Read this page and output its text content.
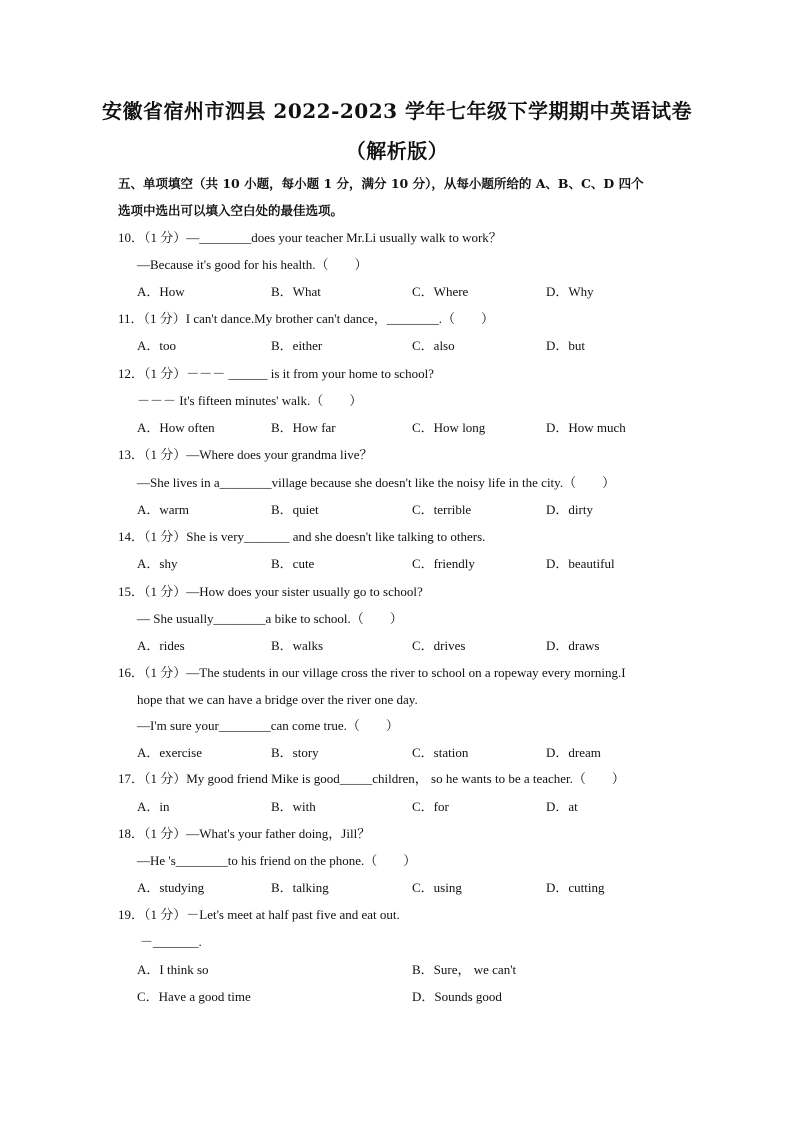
安徽省宿州市泗县 2022-2023 学年七年级下学期期中英语试卷
（解析版）
五、单项填空（共 10 小题，每小题 1 分，满分 10 分），从每小题所给的 A、B、C、D 四个
选项中选出可以填入空白处的最佳选项。
10．（1 分）—________does your teacher Mr.Li usually walk to work？
—Because it's good for his health.（　　）
A．How	B．What	C．Where	D．Why
11．（1 分）I can't dance.My brother can't dance，________.（　　）
A．too	B．either	C．also	D．but
12．（1 分）－－－ ______ is it from your home to school?
－－－ It's fifteen minutes' walk.（　　）
A．How often	B．How far	C．How long	D．How much
13．（1 分）—Where does your grandma live？
—She lives in a________village because she doesn't like the noisy life in the city.（　　）
A．warm	B．quiet	C．terrible	D．dirty
14．（1 分）She is very_______ and she doesn't like talking to others.
A．shy	B．cute	C．friendly	D．beautiful
15．（1 分）—How does your sister usually go to school?
— She usually________a bike to school.（　　）
A．rides	B．walks	C．drives	D．draws
16．（1 分）—The students in our village cross the river to school on a ropeway every morning.I
hope that we can have a bridge over the river one day.
—I'm sure your________can come true.（　　）
A．exercise	B．story	C．station	D．dream
17．（1 分）My good friend Mike is good_____children， so he wants to be a teacher.（　　）
A．in	B．with	C．for	D．at
18．（1 分）—What's your father doing，Jill？
—He 's________to his friend on the phone.（　　）
A．studying	B．talking	C．using	D．cutting
19．（1 分）－Let's meet at half past five and eat out.
－_______.
A．I think so	B．Sure， we can't
C．Have a good time	D．Sounds good
